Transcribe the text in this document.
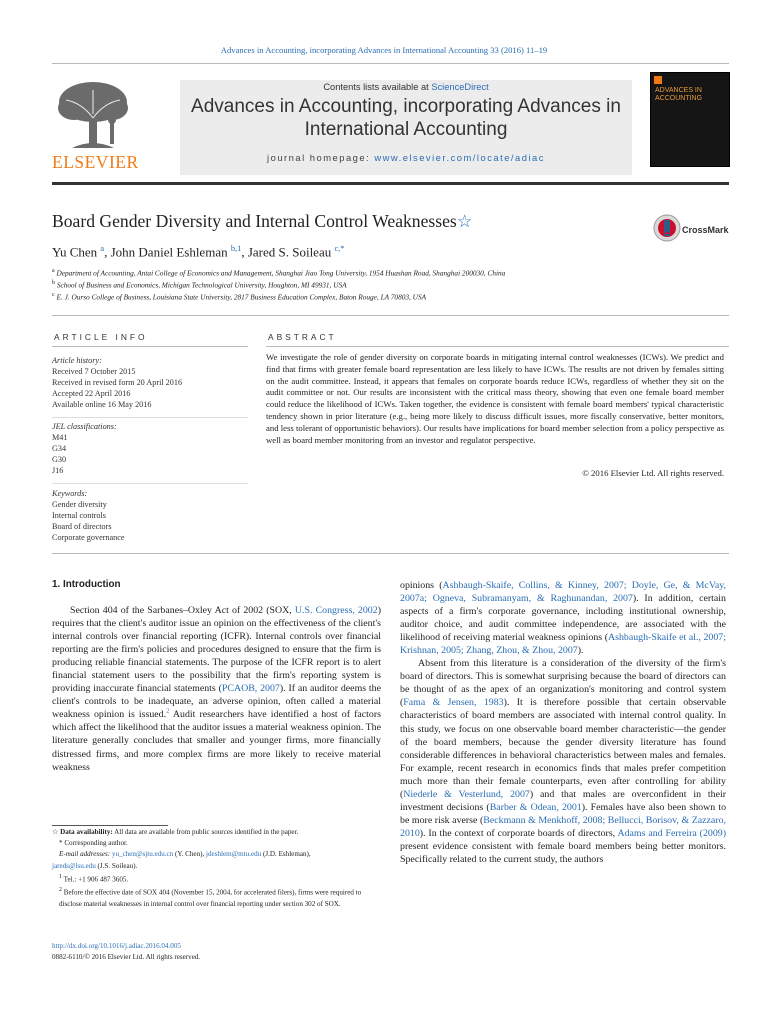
Advances in Accounting, incorporating Advances in International Accounting 33 (2016) 11–19
ELSEVIER
Contents lists available at ScienceDirect
Advances in Accounting, incorporating Advances in International Accounting
journal homepage: www.elsevier.com/locate/adiac
ADVANCES IN ACCOUNTING
Board Gender Diversity and Internal Control Weaknesses☆	CrossMark
Yu Chen $^a$, John Daniel Eshleman $^{b,1}$, Jared S. Soileau $^{c,*}$
$^a$ Department of Accounting, Antai College of Economics and Management, Shanghai Jiao Tong University, 1954 Huashan Road, Shanghai 200030, China
$^b$ School of Business and Economics, Michigan Technological University, Houghton, MI 49931, USA
$^c$ E. J. Ourso College of Business, Louisiana State University, 2817 Business Education Complex, Baton Rouge, LA 70803, USA
ARTICLE INFO
Article history:
Received 7 October 2015
Received in revised form 20 April 2016
Accepted 22 April 2016
Available online 16 May 2016
JEL classifications:
M41
G34
G30
J16
Keywords:
Gender diversity
Internal controls
Board of directors
Corporate governance
ABSTRACT
We investigate the role of gender diversity on corporate boards in mitigating internal control weaknesses (ICWs). We predict and find that firms with greater female board representation are less likely to have ICWs. The results are not driven by females sitting on the audit committee. Instead, it appears that females on corporate boards reduce ICWs, regardless of whether they sit on the audit committee or not. Our results are inconsistent with the critical mass theory, showing that even one female board member could reduce the likelihood of ICWs. Taken together, the evidence is consistent with female board members' typical characteristic tendency shown in prior literature (e.g., being more likely to discuss difficult issues, more fiscally conservative, better monitors, and less tolerant of opportunistic behaviors). Our results have implications for board member selection from a policy perspective as well as board member monitoring from an investor and regulator perspective.
© 2016 Elsevier Ltd. All rights reserved.
1. Introduction
Section 404 of the Sarbanes–Oxley Act of 2002 (SOX, U.S. Congress, 2002) requires that the client's auditor issue an opinion on the effectiveness of the client's internal controls over financial reporting (ICFR). Internal controls over financial reporting are the firm's policies and procedures designed to ensure that the firm is producing reliable financial statements. The purpose of the ICFR report is to alert financial statement users to the possibility that the firm's reporting system is providing inaccurate financial statements (PCAOB, 2007). If an auditor deems the client's controls to be inadequate, an adverse opinion, often called a material weakness opinion is issued.$^2$ Audit researchers have identified a host of factors which affect the likelihood that the auditor issues a material weakness opinion. The literature generally concludes that smaller and younger firms, more financially distressed firms, and more complex firms are more likely to receive material weakness
opinions (Ashbaugh-Skaife, Collins, & Kinney, 2007; Doyle, Ge, & McVay, 2007a; Ogneva, Subramanyam, & Raghunandan, 2007). In addition, certain aspects of a firm's corporate governance, including institutional ownership, auditor choice, and audit committee independence, are associated with the likelihood of receiving material weakness opinions (Ashbaugh-Skaife et al., 2007; Krishnan, 2005; Zhang, Zhou, & Zhou, 2007).
Absent from this literature is a consideration of the diversity of the firm's board of directors. This is somewhat surprising because the board of directors can be thought of as the apex of an organization's monitoring and control system (Fama & Jensen, 1983). It is therefore possible that certain observable characteristics of board members are associated with internal control quality. In this study, we focus on one observable board member characteristic—the gender of the board members, because the gender diversity literature has found considerable differences in behavioral characteristics between males and females. For example, recent research in economics finds that males prefer competition much more than their female counterparts, even after controlling for ability (Niederle & Vesterlund, 2007) and that males are overconfident in their investment decisions (Barber & Odean, 2001). Females have also been shown to be more risk averse (Beckmann & Menkhoff, 2008; Bellucci, Borisov, & Zazzaro, 2010). In the context of corporate boards of directors, Adams and Ferreira (2009) present evidence consistent with female board members being better monitors. Specifically related to the current study, the authors
☆ Data availability: All data are available from public sources identified in the paper.
* Corresponding author.
E-mail addresses: yu_chen@sjtu.edu.cn (Y. Chen), jdeshlem@mtu.edu (J.D. Eshleman),
jareds@lsu.edu (J.S. Soileau).
$^1$ Tel.: +1 906 487 3605.
$^2$ Before the effective date of SOX 404 (November 15, 2004, for accelerated filers), firms were required to disclose material weaknesses in internal control over financial reporting under section 302 of SOX.
http://dx.doi.org/10.1016/j.adiac.2016.04.005
0882-6110/© 2016 Elsevier Ltd. All rights reserved.
